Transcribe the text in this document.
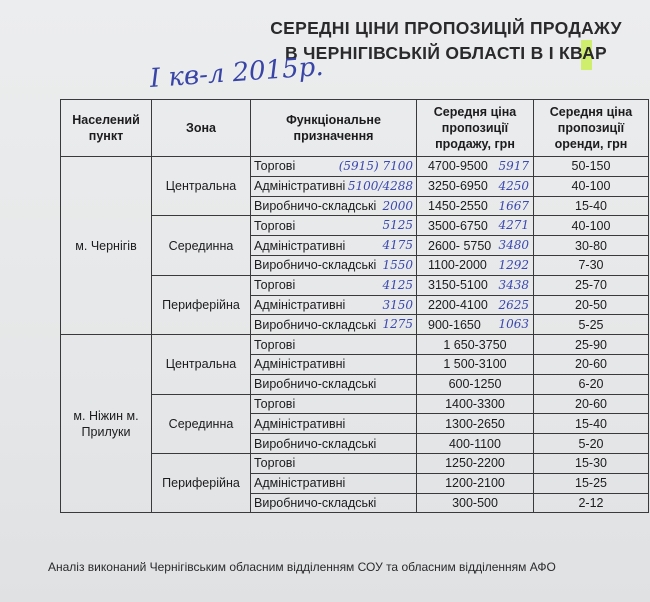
СЕРЕДНІ ЦІНИ ПРОПОЗИЦІЙ ПРОДАЖУ
В ЧЕРНІГІВСЬКІЙ ОБЛАСТІ В І КВАР
І кв-л 2015р.
Населений пункт	Зона	Функціональне призначення	Середня ціна пропозиції продажу, грн	Середня ціна пропозиції оренди, грн
м. Чернігів	Центральна	Торгові (5915) 7100	4700-9500 5917	50-150
		Адміністративні 5100/4288	3250-6950 4250	40-100
		Виробничо-складські 2000	1450-2550 1667	15-40
	Серединна	Торгові 5125	3500-6750 4271	40-100
		Адміністративні 4175	2600- 5750 3480	30-80
		Виробничо-складські 1550	1100-2000 1292	7-30
	Периферійна	Торгові 4125	3150-5100 3438	25-70
		Адміністративні 3150	2200-4100 2625	20-50
		Виробничо-складські 1275	900-1650 1063	5-25
м. Ніжин м. Прилуки	Центральна	Торгові	1 650-3750	25-90
		Адміністративні	1 500-3100	20-60
		Виробничо-складські	600-1250	6-20
	Серединна	Торгові	1400-3300	20-60
		Адміністративні	1300-2650	15-40
		Виробничо-складські	400-1100	5-20
	Периферійна	Торгові	1250-2200	15-30
		Адміністративні	1200-2100	15-25
		Виробничо-складські	300-500	2-12
Аналіз виконаний Чернігівським обласним відділенням СОУ та обласним відділенням АФО
